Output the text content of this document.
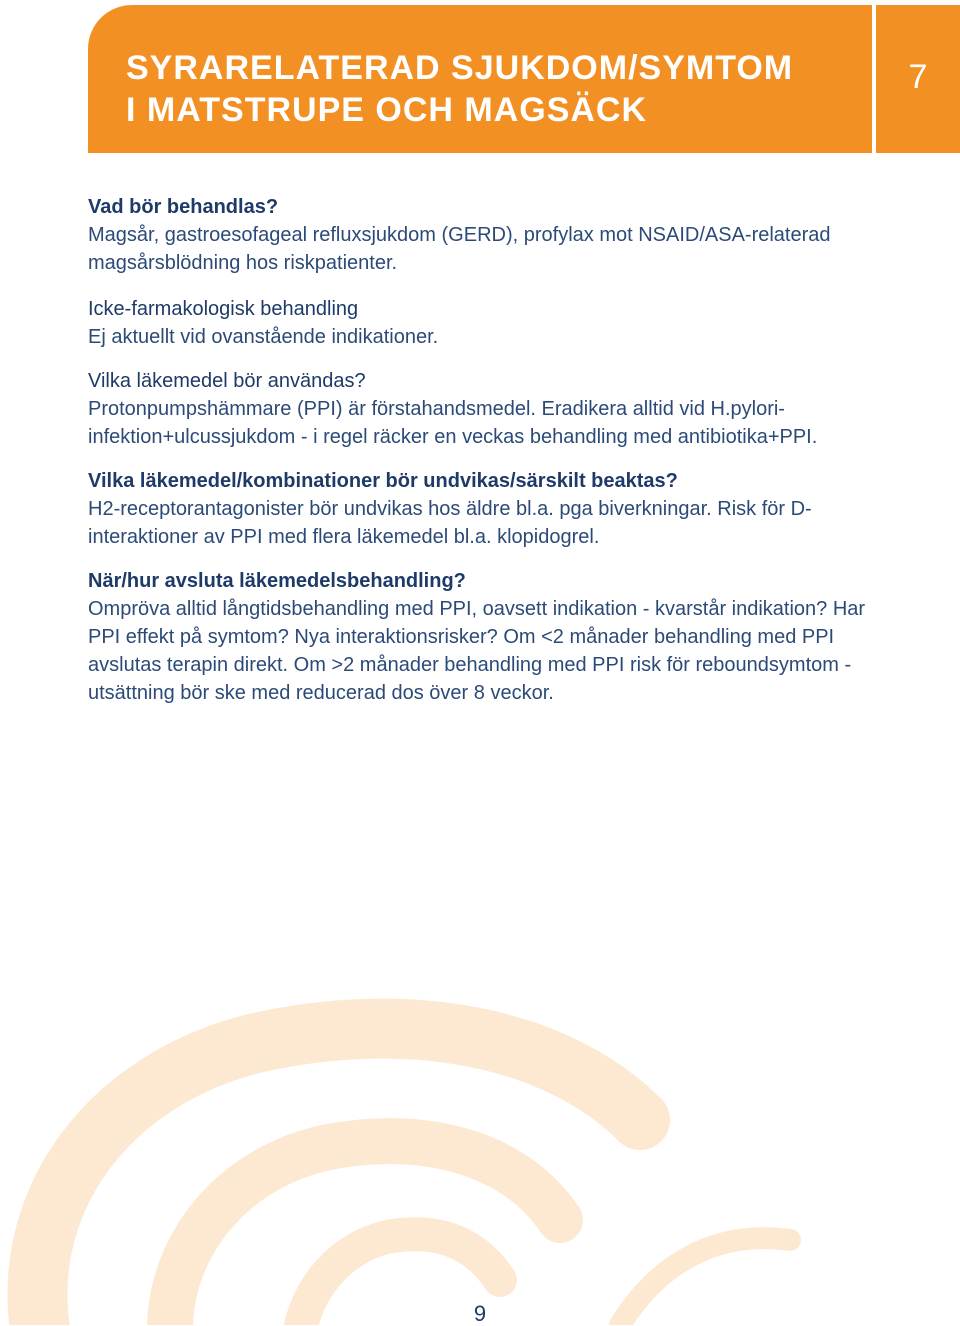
SYRARELATERAD SJUKDOM/SYMTOM
I MATSTRUPE OCH MAGSÄCK
7
Vad bör behandlas?

Magsår, gastroesofageal refluxsjukdom (GERD), profylax mot NSAID/ASA-relaterad magsårsblödning hos riskpatienter.

Icke-farmakologisk behandling

Ej aktuellt vid ovanstående indikationer.

Vilka läkemedel bör användas?

Protonpumpshämmare (PPI) är förstahandsmedel. Eradikera alltid vid H.pylori-infektion+ulcussjukdom - i regel räcker en veckas behandling med antibiotika+PPI.

Vilka läkemedel/kombinationer bör undvikas/särskilt beaktas?

H2-receptorantagonister bör undvikas hos äldre bl.a. pga biverkningar. Risk för D-interaktioner av PPI med flera läkemedel bl.a. klopidogrel.

När/hur avsluta läkemedelsbehandling?

Ompröva alltid långtidsbehandling med PPI, oavsett indikation - kvarstår indikation? Har PPI effekt på symtom? Nya interaktionsrisker? Om <2 månader behandling med PPI avslutas terapin direkt. Om >2 månader behandling med PPI risk för reboundsymtom - utsättning bör ske med reducerad dos över 8 veckor.

9
